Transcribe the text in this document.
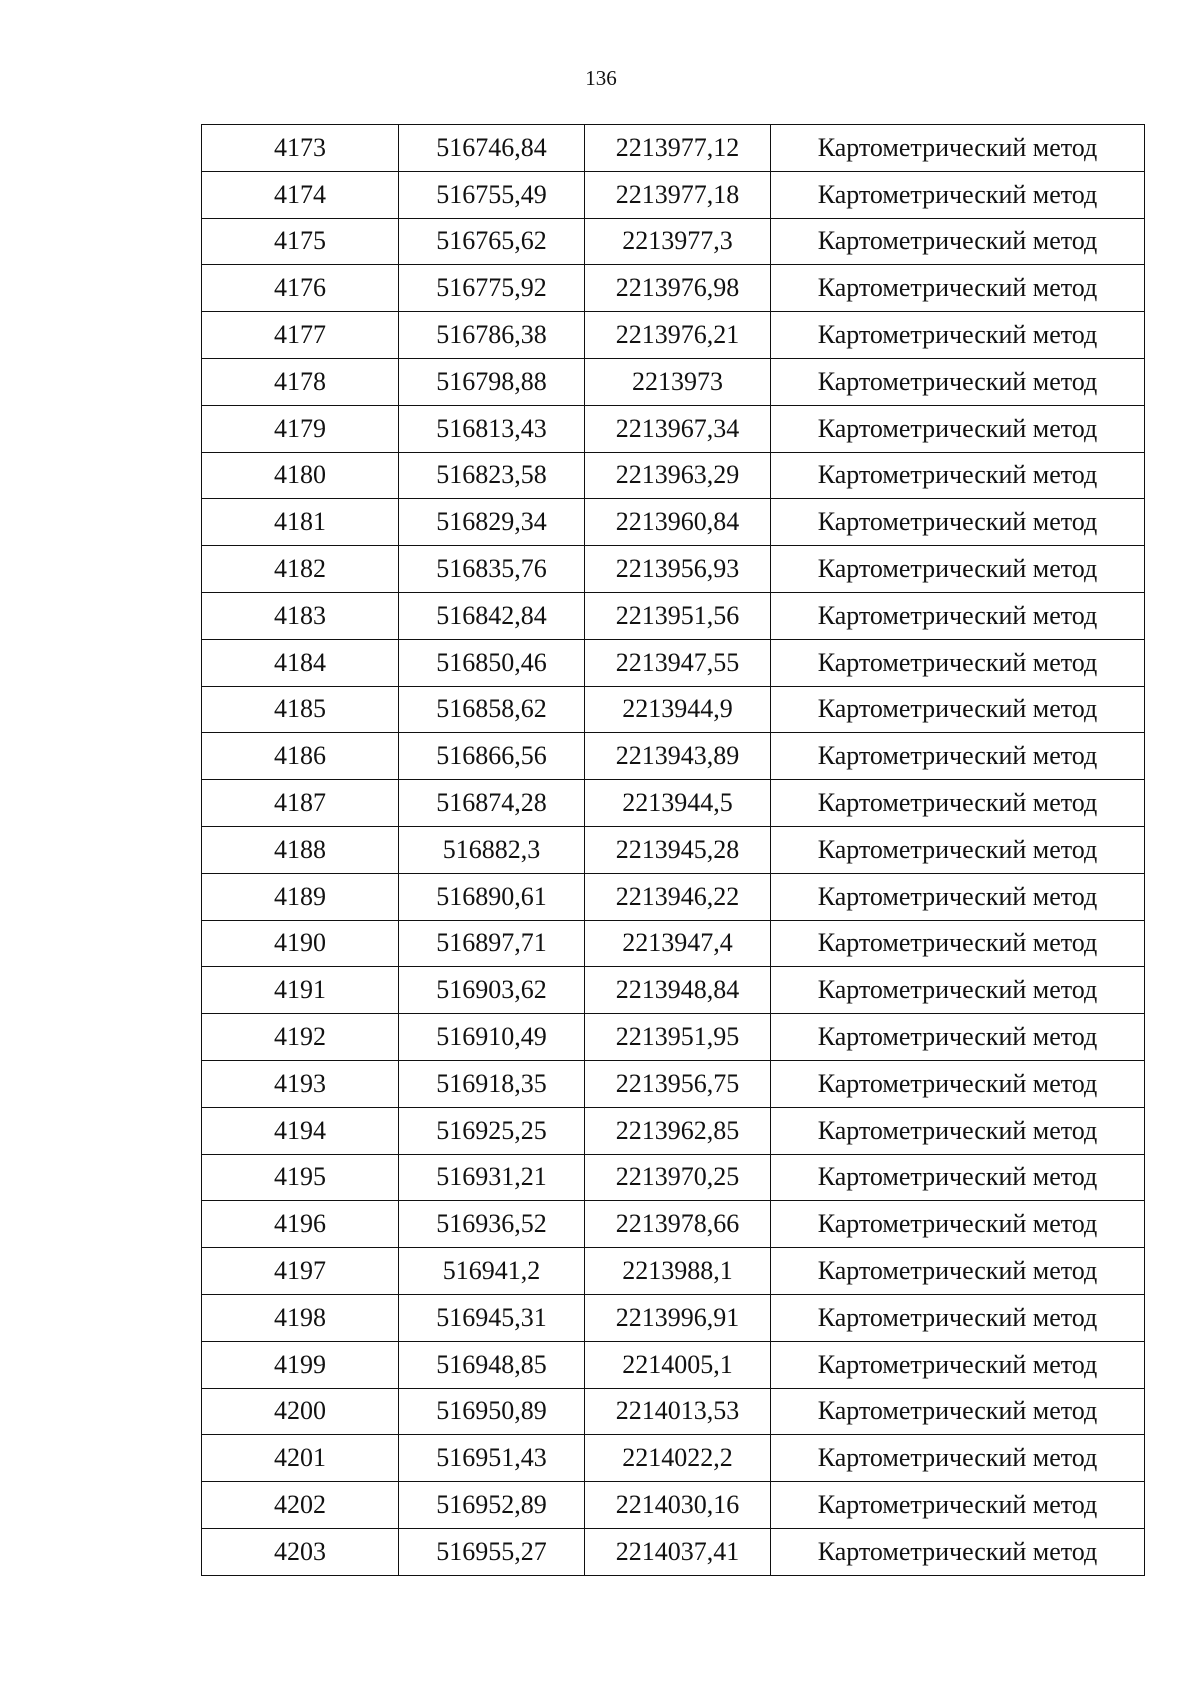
136
4173	516746,84	2213977,12	Картометрический метод
4174	516755,49	2213977,18	Картометрический метод
4175	516765,62	2213977,3	Картометрический метод
4176	516775,92	2213976,98	Картометрический метод
4177	516786,38	2213976,21	Картометрический метод
4178	516798,88	2213973	Картометрический метод
4179	516813,43	2213967,34	Картометрический метод
4180	516823,58	2213963,29	Картометрический метод
4181	516829,34	2213960,84	Картометрический метод
4182	516835,76	2213956,93	Картометрический метод
4183	516842,84	2213951,56	Картометрический метод
4184	516850,46	2213947,55	Картометрический метод
4185	516858,62	2213944,9	Картометрический метод
4186	516866,56	2213943,89	Картометрический метод
4187	516874,28	2213944,5	Картометрический метод
4188	516882,3	2213945,28	Картометрический метод
4189	516890,61	2213946,22	Картометрический метод
4190	516897,71	2213947,4	Картометрический метод
4191	516903,62	2213948,84	Картометрический метод
4192	516910,49	2213951,95	Картометрический метод
4193	516918,35	2213956,75	Картометрический метод
4194	516925,25	2213962,85	Картометрический метод
4195	516931,21	2213970,25	Картометрический метод
4196	516936,52	2213978,66	Картометрический метод
4197	516941,2	2213988,1	Картометрический метод
4198	516945,31	2213996,91	Картометрический метод
4199	516948,85	2214005,1	Картометрический метод
4200	516950,89	2214013,53	Картометрический метод
4201	516951,43	2214022,2	Картометрический метод
4202	516952,89	2214030,16	Картометрический метод
4203	516955,27	2214037,41	Картометрический метод
